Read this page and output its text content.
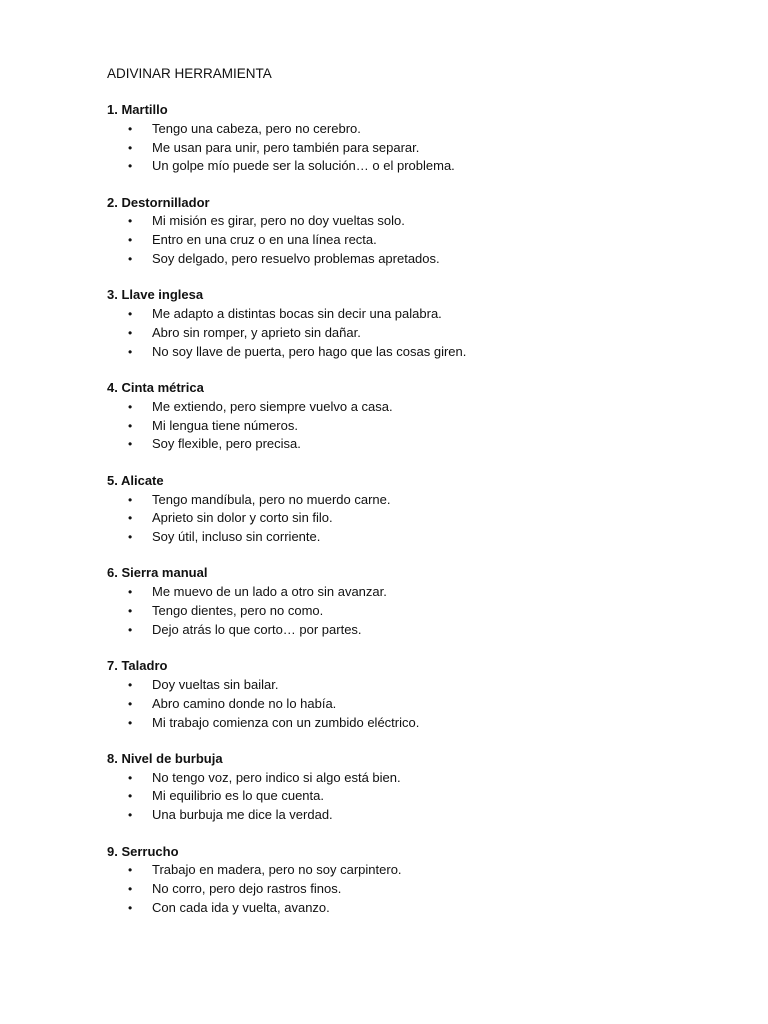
ADIVINAR HERRAMIENTA
1. Martillo
• Tengo una cabeza, pero no cerebro.
• Me usan para unir, pero también para separar.
• Un golpe mío puede ser la solución… o el problema.
2. Destornillador
• Mi misión es girar, pero no doy vueltas solo.
• Entro en una cruz o en una línea recta.
• Soy delgado, pero resuelvo problemas apretados.
3. Llave inglesa
• Me adapto a distintas bocas sin decir una palabra.
• Abro sin romper, y aprieto sin dañar.
• No soy llave de puerta, pero hago que las cosas giren.
4. Cinta métrica
• Me extiendo, pero siempre vuelvo a casa.
• Mi lengua tiene números.
• Soy flexible, pero precisa.
5. Alicate
• Tengo mandíbula, pero no muerdo carne.
• Aprieto sin dolor y corto sin filo.
• Soy útil, incluso sin corriente.
6. Sierra manual
• Me muevo de un lado a otro sin avanzar.
• Tengo dientes, pero no como.
• Dejo atrás lo que corto… por partes.
7. Taladro
• Doy vueltas sin bailar.
• Abro camino donde no lo había.
• Mi trabajo comienza con un zumbido eléctrico.
8. Nivel de burbuja
• No tengo voz, pero indico si algo está bien.
• Mi equilibrio es lo que cuenta.
• Una burbuja me dice la verdad.
9. Serrucho
• Trabajo en madera, pero no soy carpintero.
• No corro, pero dejo rastros finos.
• Con cada ida y vuelta, avanzo.
